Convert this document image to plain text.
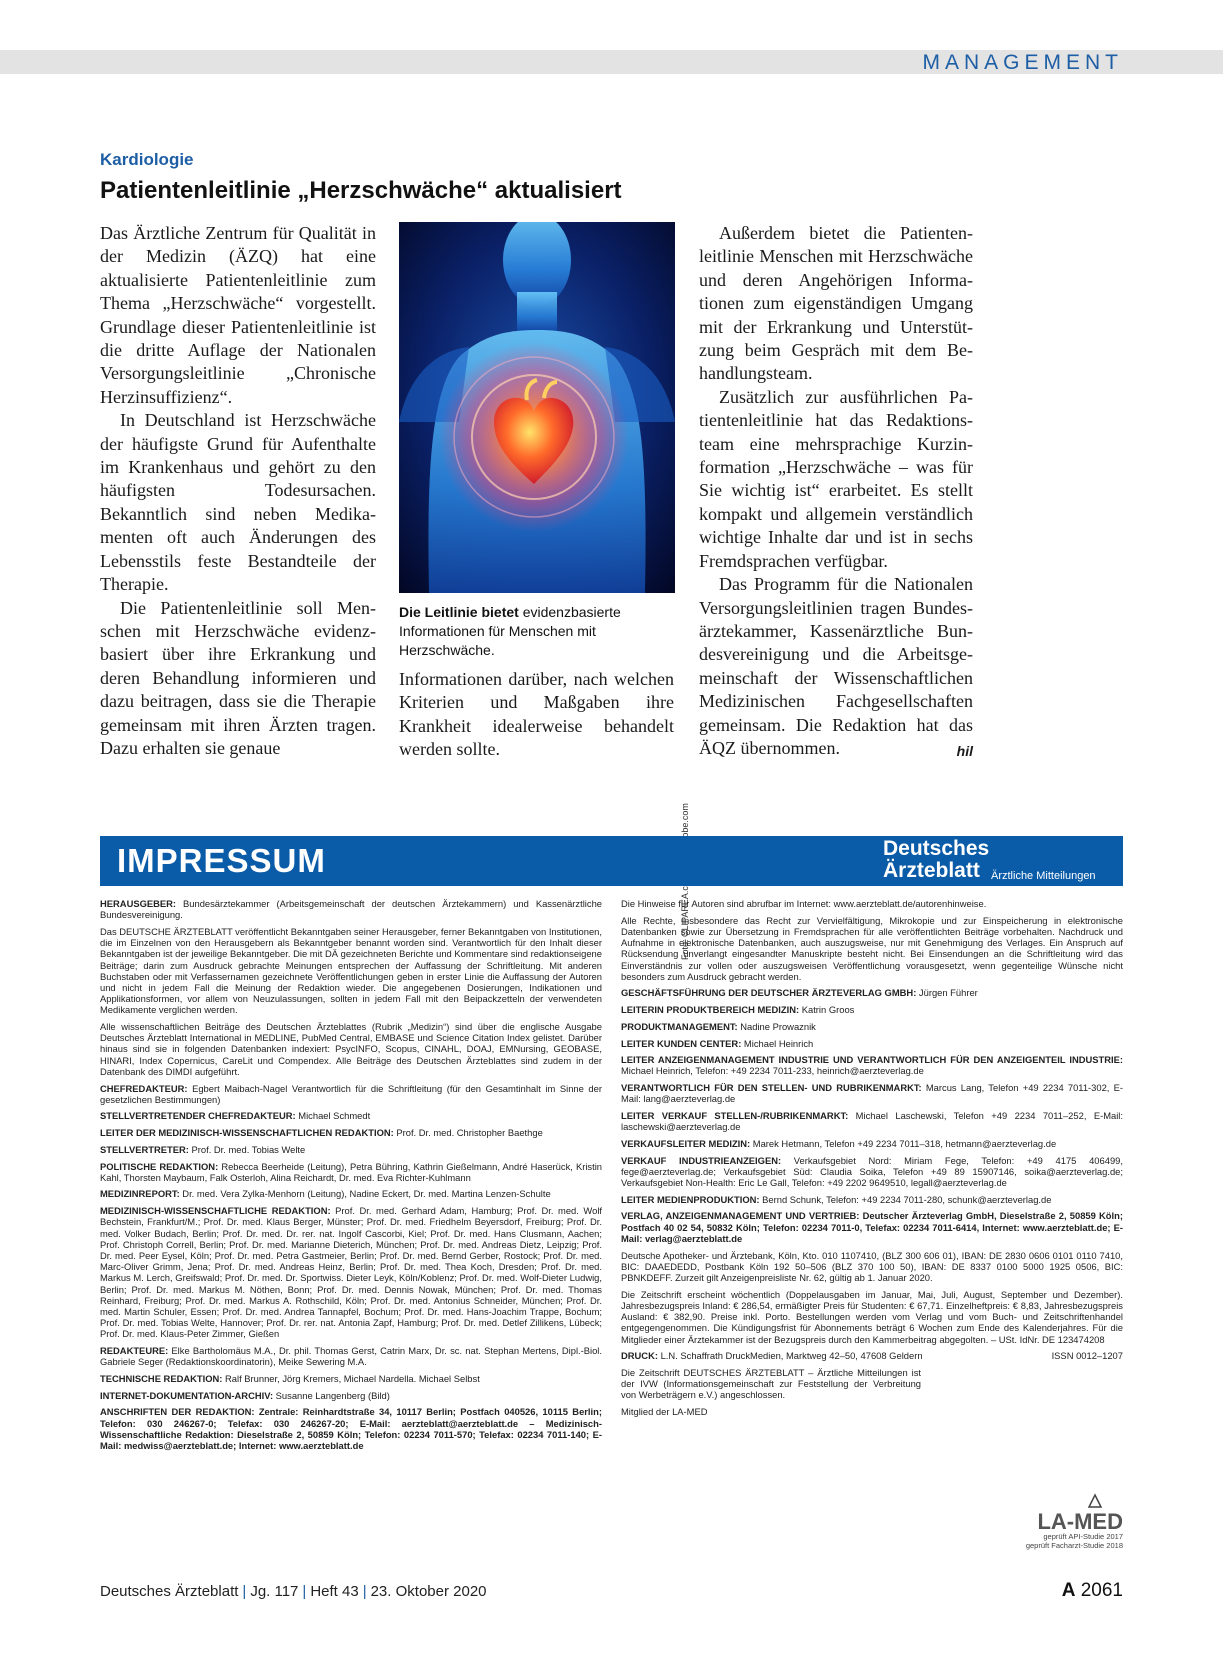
MANAGEMENT
Kardiologie
Patientenleitlinie „Herzschwäche“ aktualisiert

Das Ärztliche Zentrum für Qualität in der Medizin (ÄZQ) hat eine aktualisierte Patientenleitlinie zum Thema „Herzschwäche“ vorgestellt. Grundlage dieser Patientenleitlinie ist die dritte Auflage der Nationalen Versorgungsleitlinie „Chronische Herzinsuffizienz“.

In Deutschland ist Herzschwäche der häufigste Grund für Aufenthalte im Krankenhaus und gehört zu den häufigsten Todesursachen. Bekanntlich sind neben Medikamenten oft auch Änderungen des Lebensstils feste Bestandteile der Therapie.

Die Patientenleitlinie soll Menschen mit Herzschwäche evidenzbasiert über ihre Erkrankung und deren Behandlung informieren und dazu beitragen, dass sie die Therapie gemeinsam mit ihren Ärzten tragen. Dazu erhalten sie genaue

Die Leitlinie bietet evidenzbasierte Informationen für Menschen mit Herzschwäche.

Informationen darüber, nach welchen Kriterien und Maßgaben ihre Krankheit idealerweise behandelt werden sollte.

Außerdem bietet die Patientenleitlinie Menschen mit Herzschwäche und deren Angehörigen Informationen zum eigenständigen Umgang mit der Erkrankung und Unterstützung beim Gespräch mit dem Behandlungsteam.

Zusätzlich zur ausführlichen Patientenleitlinie hat das Redaktionsteam eine mehrsprachige Kurzinformation „Herzschwäche – was für Sie wichtig ist“ erarbeitet. Es stellt kompakt und allgemein verständlich wichtige Inhalte dar und ist in sechs Fremdsprachen verfügbar.

Das Programm für die Nationalen Versorgungsleitlinien tragen Bundesärztekammer, Kassenärztliche Bundesvereinigung und die Arbeitsgemeinschaft der Wissenschaftlichen Medizinischen Fachgesellschaften gemeinsam. Die Redaktion hat das ÄQZ übernommen.	hil

IMPRESSUM	Deutsches
Ärzteblatt Ärztliche Mitteilungen

HERAUSGEBER: Bundesärztekammer (Arbeitsgemeinschaft der deutschen Ärztekammern) und Kassenärztliche Bundesvereinigung.

Das DEUTSCHE ÄRZTEBLATT veröffentlicht Bekanntgaben seiner Herausgeber, ferner Bekanntgaben von Institutionen, die im Einzelnen von den Herausgebern als Bekanntgeber benannt worden sind. Verantwortlich für den Inhalt dieser Bekanntgaben ist der jeweilige Bekanntgeber. Die mit DÄ gezeichneten Berichte und Kommentare sind redaktionseigene Beiträge; darin zum Ausdruck gebrachte Meinungen entsprechen der Auffassung der Schriftleitung. Mit anderen Buchstaben oder mit Verfassernamen gezeichnete Veröffentlichungen geben in erster Linie die Auffassung der Autoren und nicht in jedem Fall die Meinung der Redaktion wieder. Die angegebenen Dosierungen, Indikationen und Applikationsformen, vor allem von Neuzulassungen, sollten in jedem Fall mit den Beipackzetteln der verwendeten Medikamente verglichen werden.

Alle wissenschaftlichen Beiträge des Deutschen Ärzteblattes (Rubrik „Medizin“) sind über die englische Ausgabe Deutsches Ärzteblatt International in MEDLINE, PubMed Central, EMBASE und Science Citation Index gelistet. Darüber hinaus sind sie in folgenden Datenbanken indexiert: PsycINFO, Scopus, CINAHL, DOAJ, EMNursing, GEOBASE, HINARI, Index Copernicus, CareLit und Compendex. Alle Beiträge des Deutschen Ärzteblattes sind zudem in der Datenbank des DIMDI aufgeführt.

CHEFREDAKTEUR: Egbert Maibach-Nagel Verantwortlich für die Schriftleitung (für den Gesamtinhalt im Sinne der gesetzlichen Bestimmungen)

STELLVERTRETENDER CHEFREDAKTEUR: Michael Schmedt

LEITER DER MEDIZINISCH-WISSENSCHAFTLICHEN REDAKTION: Prof. Dr. med. Christopher Baethge

STELLVERTRETER: Prof. Dr. med. Tobias Welte

POLITISCHE REDAKTION: Rebecca Beerheide (Leitung), Petra Bühring, Kathrin Gießelmann, André Haserück, Kristin Kahl, Thorsten Maybaum, Falk Osterloh, Alina Reichardt, Dr. med. Eva Richter-Kuhlmann

MEDIZINREPORT: Dr. med. Vera Zylka-Menhorn (Leitung), Nadine Eckert, Dr. med. Martina Lenzen-Schulte

MEDIZINISCH-WISSENSCHAFTLICHE REDAKTION: Prof. Dr. med. Gerhard Adam, Hamburg; Prof. Dr. med. Wolf Bechstein, Frankfurt/M.; Prof. Dr. med. Klaus Berger, Münster; Prof. Dr. med. Friedhelm Beyersdorf, Freiburg; Prof. Dr. med. Volker Budach, Berlin; Prof. Dr. med. Dr. rer. nat. Ingolf Cascorbi, Kiel; Prof. Dr. med. Hans Clusmann, Aachen; Prof. Christoph Correll, Berlin; Prof. Dr. med. Marianne Dieterich, München; Prof. Dr. med. Andreas Dietz, Leipzig; Prof. Dr. med. Peer Eysel, Köln; Prof. Dr. med. Petra Gastmeier, Berlin; Prof. Dr. med. Bernd Gerber, Rostock; Prof. Dr. med. Marc-Oliver Grimm, Jena; Prof. Dr. med. Andreas Heinz, Berlin; Prof. Dr. med. Thea Koch, Dresden; Prof. Dr. med. Markus M. Lerch, Greifswald; Prof. Dr. med. Dr. Sportwiss. Dieter Leyk, Köln/Koblenz; Prof. Dr. med. Wolf-Dieter Ludwig, Berlin; Prof. Dr. med. Markus M. Nöthen, Bonn; Prof. Dr. med. Dennis Nowak, München; Prof. Dr. med. Thomas Reinhard, Freiburg; Prof. Dr. med. Markus A. Rothschild, Köln; Prof. Dr. med. Antonius Schneider, München; Prof. Dr. med. Martin Schuler, Essen; Prof. Dr. med. Andrea Tannapfel, Bochum; Prof. Dr. med. Hans-Joachim Trappe, Bochum; Prof. Dr. med. Tobias Welte, Hannover; Prof. Dr. rer. nat. Antonia Zapf, Hamburg; Prof. Dr. med. Detlef Zillikens, Lübeck; Prof. Dr. med. Klaus-Peter Zimmer, Gießen

REDAKTEURE: Elke Bartholomäus M.A., Dr. phil. Thomas Gerst, Catrin Marx, Dr. sc. nat. Stephan Mertens, Dipl.-Biol. Gabriele Seger (Redaktionskoordinatorin), Meike Sewering M.A.

TECHNISCHE REDAKTION: Ralf Brunner, Jörg Kremers, Michael Nardella. Michael Selbst

INTERNET-DOKUMENTATION-ARCHIV: Susanne Langenberg (Bild)

ANSCHRIFTEN DER REDAKTION: Zentrale: Reinhardtstraße 34, 10117 Berlin; Postfach 040526, 10115 Berlin; Telefon: 030 246267-0; Telefax: 030 246267-20; E-Mail: aerzteblatt@aerzteblatt.de – Medizinisch-Wissenschaftliche Redaktion: Dieselstraße 2, 50859 Köln; Telefon: 02234 7011-570; Telefax: 02234 7011-140; E-Mail: medwiss@aerzteblatt.de; Internet: www.aerzteblatt.de

Die Hinweise für Autoren sind abrufbar im Internet: www.aerzteblatt.de/autorenhinweise.

Alle Rechte, insbesondere das Recht zur Vervielfältigung, Mikrokopie und zur Einspeicherung in elektronische Datenbanken sowie zur Übersetzung in Fremdsprachen für alle veröffentlichten Beiträge vorbehalten. Nachdruck und Aufnahme in elektronische Datenbanken, auch auszugsweise, nur mit Genehmigung des Verlages. Ein Anspruch auf Rücksendung unverlangt eingesandter Manuskripte besteht nicht. Bei Einsendungen an die Schriftleitung wird das Einverständnis zur vollen oder auszugsweisen Veröffentlichung vorausgesetzt, wenn gegenteilige Wünsche nicht besonders zum Ausdruck gebracht werden.

GESCHÄFTSFÜHRUNG DER DEUTSCHER ÄRZTEVERLAG GMBH: Jürgen Führer

LEITERIN PRODUKTBEREICH MEDIZIN: Katrin Groos

PRODUKTMANAGEMENT: Nadine Prowaznik

LEITER KUNDEN CENTER: Michael Heinrich

LEITER ANZEIGENMANAGEMENT INDUSTRIE UND VERANTWORTLICH FÜR DEN ANZEIGENTEIL INDUSTRIE: Michael Heinrich, Telefon: +49 2234 7011-233, heinrich@aerzteverlag.de

VERANTWORTLICH FÜR DEN STELLEN- UND RUBRIKENMARKT: Marcus Lang, Telefon +49 2234 7011-302, E-Mail: lang@aerzteverlag.de

LEITER VERKAUF STELLEN-/RUBRIKENMARKT: Michael Laschewski, Telefon +49 2234 7011–252, E-Mail: laschewski@aerzteverlag.de

VERKAUFSLEITER MEDIZIN: Marek Hetmann, Telefon +49 2234 7011–318, hetmann@aerzteverlag.de

VERKAUF INDUSTRIEANZEIGEN: Verkaufsgebiet Nord: Miriam Fege, Telefon: +49 4175 406499, fege@aerzteverlag.de; Verkaufsgebiet Süd: Claudia Soika, Telefon +49 89 15907146, soika@aerzteverlag.de; Verkaufsgebiet Non-Health: Eric Le Gall, Telefon: +49 2202 9649510, legall@aerzteverlag.de

LEITER MEDIENPRODUKTION: Bernd Schunk, Telefon: +49 2234 7011-280, schunk@aerzteverlag.de

VERLAG, ANZEIGENMANAGEMENT UND VERTRIEB: Deutscher Ärzteverlag GmbH, Dieselstraße 2, 50859 Köln; Postfach 40 02 54, 50832 Köln; Telefon: 02234 7011-0, Telefax: 02234 7011-6414, Internet: www.aerzteblatt.de; E-Mail: verlag@aerzteblatt.de

Deutsche Apotheker- und Ärztebank, Köln, Kto. 010 1107410, (BLZ 300 606 01), IBAN: DE 2830 0606 0101 0110 7410, BIC: DAAEDEDD, Postbank Köln 192 50–506 (BLZ 370 100 50), IBAN: DE 8337 0100 5000 1925 0506, BIC: PBNKDEFF. Zurzeit gilt Anzeigenpreisliste Nr. 62, gültig ab 1. Januar 2020.

Die Zeitschrift erscheint wöchentlich (Doppelausgaben im Januar, Mai, Juli, August, September und Dezember). Jahresbezugspreis Inland: € 286,54, ermäßigter Preis für Studenten: € 67,71. Einzelheftpreis: € 8,83, Jahresbezugspreis Ausland: € 382,90. Preise inkl. Porto. Bestellungen werden vom Verlag und vom Buch- und Zeitschriftenhandel entgegengenommen. Die Kündigungsfrist für Abonnements beträgt 6 Wochen zum Ende des Kalenderjahres. Für die Mitglieder einer Ärztekammer ist der Bezugspreis durch den Kammerbeitrag abgegolten. – USt. IdNr. DE 123474208

DRUCK: L.N. Schaffrath DruckMedien, Marktweg 42–50, 47608 Geldern	ISSN 0012–1207

Die Zeitschrift DEUTSCHES ÄRZTEBLATT – Ärztliche Mitteilungen ist der IVW (Informationsgemeinschaft zur Feststellung der Verbreitung von Werbeträgern e.V.) angeschlossen.

Mitglied der LA-MED

LA-MED
geprüft API-Studie 2017
geprüft Facharzt-Studie 2018
Deutsches Ärzteblatt | Jg. 117 | Heft 43 | 23. Oktober 2020	A 2061
